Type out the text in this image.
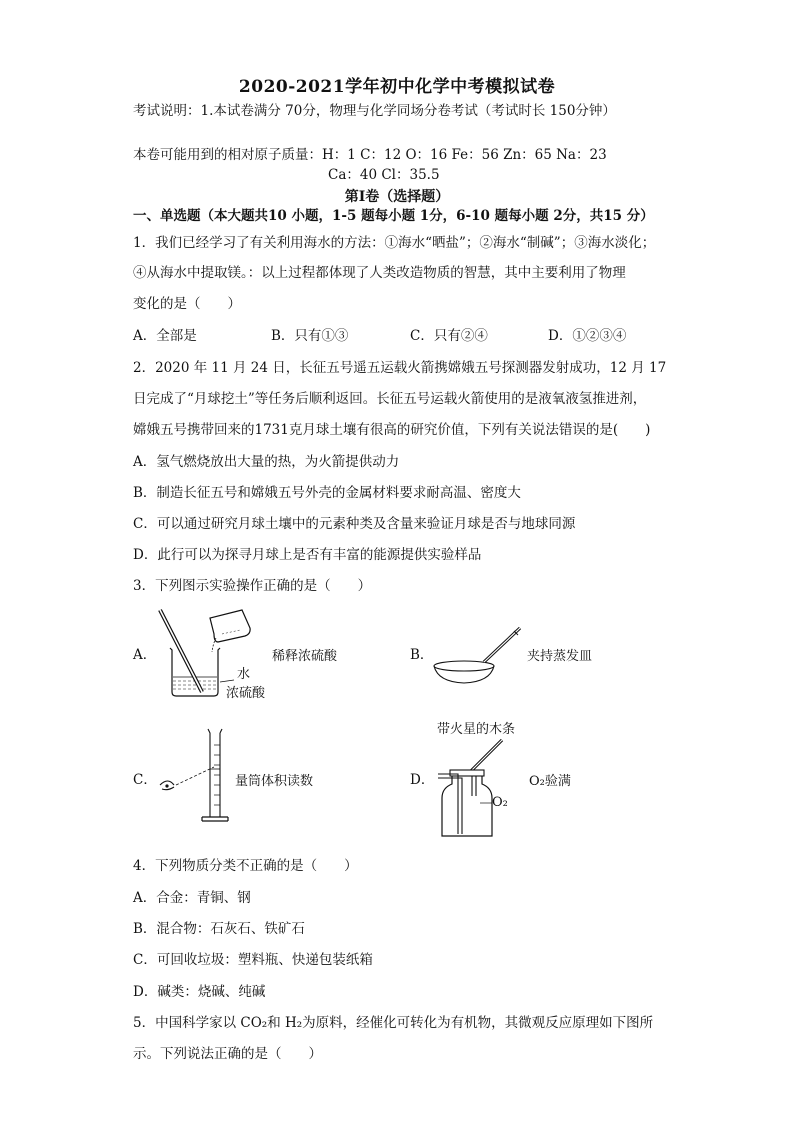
2020-2021学年初中化学中考模拟试卷
考试说明：1.本试卷满分 70分，物理与化学同场分卷考试（考试时长 150分钟）
本卷可能用到的相对原子质量：H：1 C：12 O：16 Fe：56 Zn：65 Na：23
Ca：40 Cl：35.5
第Ⅰ卷（选择题）
一、单选题（本大题共10 小题，1-5 题每小题 1分，6-10 题每小题 2分，共15 分）
1．我们已经学习了有关利用海水的方法：①海水“晒盐”；②海水“制碱”；③海水淡化；
④从海水中提取镁。：以上过程都体现了人类改造物质的智慧，其中主要利用了物理
变化的是（　　）
A．全部是	B．只有①③	C．只有②④	D．①②③④
2．2020 年 11 月 24 日，长征五号遥五运载火箭携嫦娥五号探测器发射成功，12 月 17
日完成了“月球挖土”等任务后顺利返回。长征五号运载火箭使用的是液氧液氢推进剂，
嫦娥五号携带回来的1731克月球土壤有很高的研究价值，下列有关说法错误的是(　　)
A．氢气燃烧放出大量的热，为火箭提供动力
B．制造长征五号和嫦娥五号外壳的金属材料要求耐高温、密度大
C．可以通过研究月球土壤中的元素种类及含量来验证月球是否与地球同源
D．此行可以为探寻月球上是否有丰富的能源提供实验样品
3．下列图示实验操作正确的是（　　）
A．
水
浓硫酸
稀释浓硫酸	B．	夹持蒸发皿
C．	量筒体积读数
带火星的木条
D．
O₂
O₂验满
4．下列物质分类不正确的是（　　）
A．合金：青铜、钢
B．混合物：石灰石、铁矿石
C．可回收垃圾：塑料瓶、快递包装纸箱
D．碱类：烧碱、纯碱
5．中国科学家以 CO₂和 H₂为原料，经催化可转化为有机物，其微观反应原理如下图所
示。下列说法正确的是（　　）
